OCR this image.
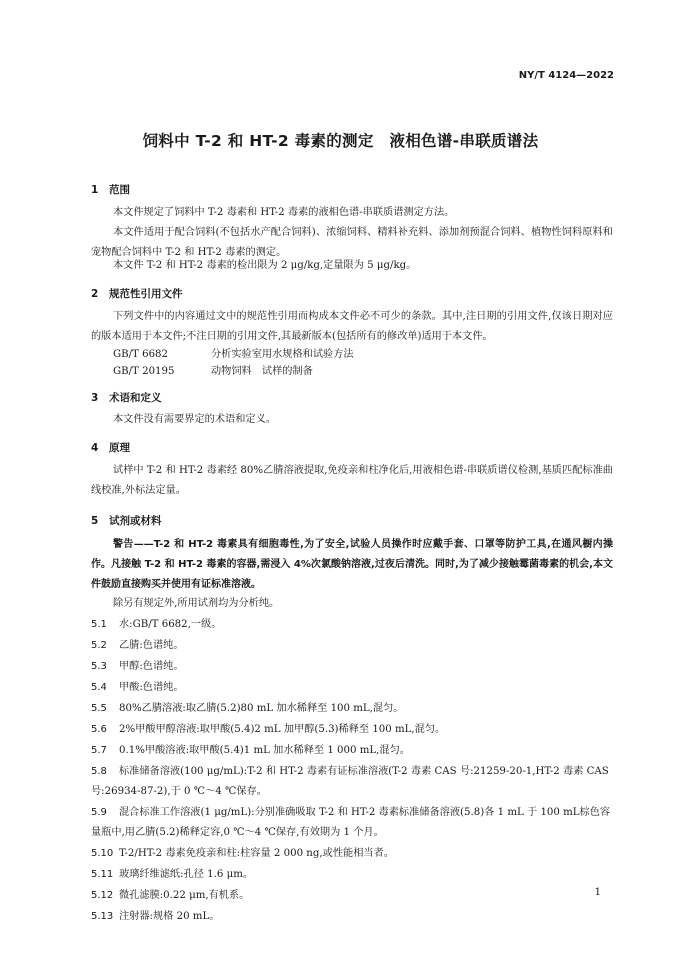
NY/T 4124—2022
饲料中 T-2 和 HT-2 毒素的测定　液相色谱-串联质谱法
1 范围
本文件规定了饲料中 T-2 毒素和 HT-2 毒素的液相色谱-串联质谱测定方法。
本文件适用于配合饲料(不包括水产配合饲料)、浓缩饲料、精料补充料、添加剂预混合饲料、植物性饲料原料和宠物配合饲料中 T-2 和 HT-2 毒素的测定。
本文件 T-2 和 HT-2 毒素的检出限为 2 μg/kg,定量限为 5 μg/kg。
2 规范性引用文件
下列文件中的内容通过文中的规范性引用而构成本文件必不可少的条款。其中,注日期的引用文件,仅该日期对应的版本适用于本文件;不注日期的引用文件,其最新版本(包括所有的修改单)适用于本文件。
GB/T 6682	分析实验室用水规格和试验方法
GB/T 20195	动物饲料　试样的制备
3 术语和定义
本文件没有需要界定的术语和定义。
4 原理
试样中 T-2 和 HT-2 毒素经 80%乙腈溶液提取,免疫亲和柱净化后,用液相色谱-串联质谱仪检测,基质匹配标准曲线校准,外标法定量。
5 试剂或材料
警告——T-2 和 HT-2 毒素具有细胞毒性,为了安全,试验人员操作时应戴手套、口罩等防护工具,在通风橱内操作。凡接触 T-2 和 HT-2 毒素的容器,需浸入 4%次氯酸钠溶液,过夜后清洗。同时,为了减少接触霉菌毒素的机会,本文件鼓励直接购买并使用有证标准溶液。
除另有规定外,所用试剂均为分析纯。
5.1 水:GB/T 6682,一级。
5.2 乙腈:色谱纯。
5.3 甲醇:色谱纯。
5.4 甲酸:色谱纯。
5.5 80%乙腈溶液:取乙腈(5.2)80 mL 加水稀释至 100 mL,混匀。
5.6 2%甲酸甲醇溶液:取甲酸(5.4)2 mL 加甲醇(5.3)稀释至 100 mL,混匀。
5.7 0.1%甲酸溶液:取甲酸(5.4)1 mL 加水稀释至 1 000 mL,混匀。
5.8 标准储备溶液(100 μg/mL):T-2 和 HT-2 毒素有证标准溶液(T-2 毒素 CAS 号:21259-20-1,HT-2 毒素 CAS 号:26934-87-2),于 0 ℃～4 ℃保存。
5.9 混合标准工作溶液(1 μg/mL):分别准确吸取 T-2 和 HT-2 毒素标准储备溶液(5.8)各 1 mL 于 100 mL棕色容量瓶中,用乙腈(5.2)稀释定容,0 ℃～4 ℃保存,有效期为 1 个月。
5.10 T-2/HT-2 毒素免疫亲和柱:柱容量 2 000 ng,或性能相当者。
5.11 玻璃纤维滤纸:孔径 1.6 μm。
5.12 微孔滤膜:0.22 μm,有机系。
5.13 注射器:规格 20 mL。
1
